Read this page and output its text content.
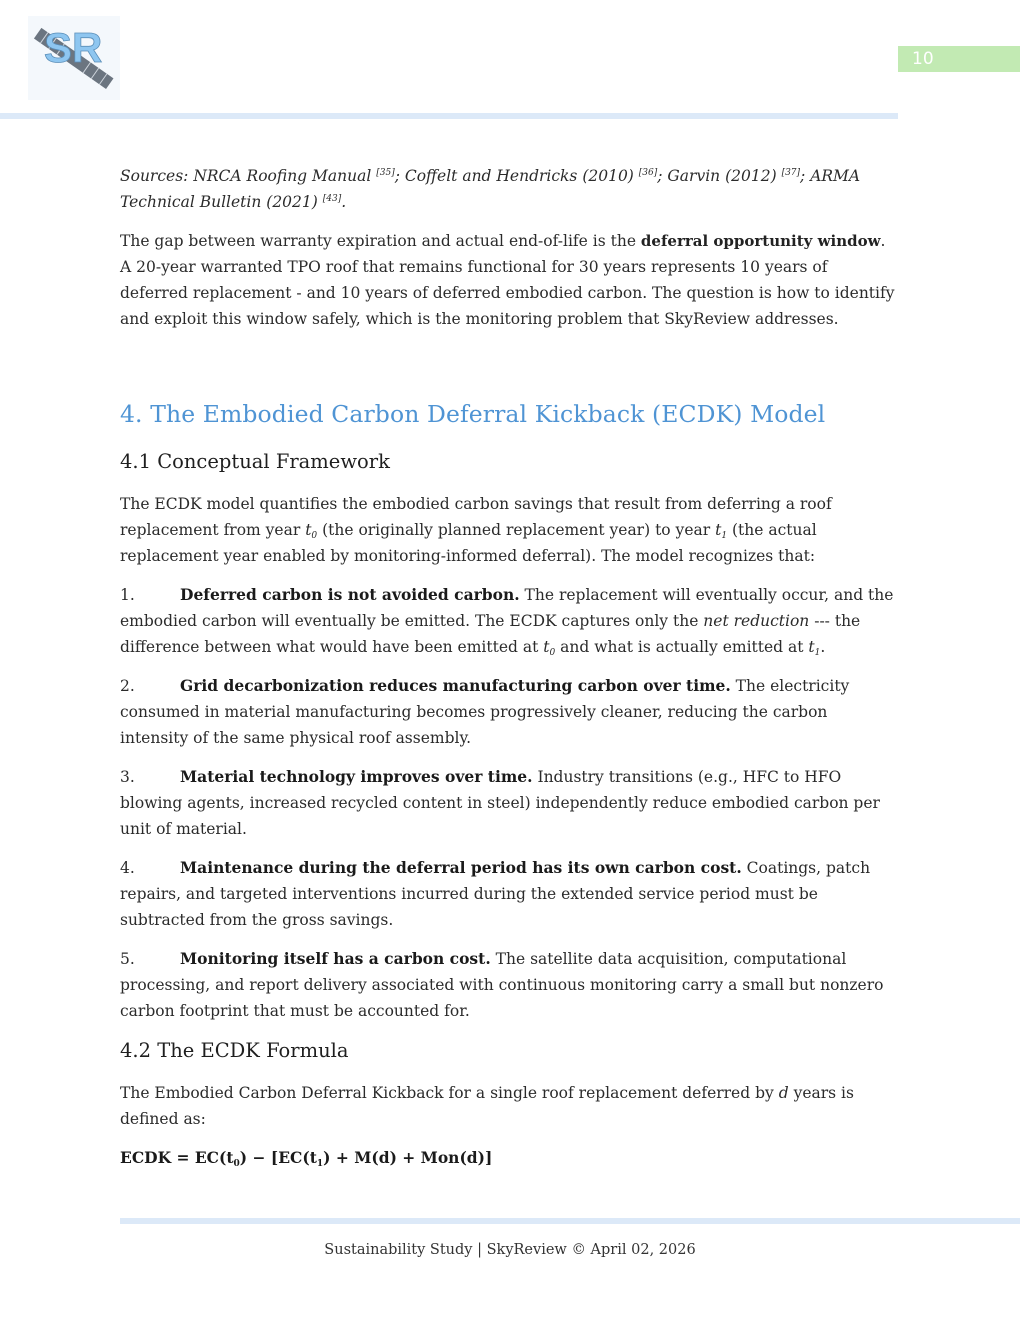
SR	10

Sources: NRCA Roofing Manual [35]; Coffelt and Hendricks (2010) [36]; Garvin (2012) [37]; ARMA Technical Bulletin (2021) [43].

The gap between warranty expiration and actual end-of-life is the deferral opportunity window. A 20-year warranted TPO roof that remains functional for 30 years represents 10 years of deferred replacement - and 10 years of deferred embodied carbon. The question is how to identify and exploit this window safely, which is the monitoring problem that SkyReview addresses.

4. The Embodied Carbon Deferral Kickback (ECDK) Model
4.1 Conceptual Framework

The ECDK model quantifies the embodied carbon savings that result from deferring a roof replacement from year $t_0$ (the originally planned replacement year) to year $t_1$ (the actual replacement year enabled by monitoring-informed deferral). The model recognizes that:

1.	Deferred carbon is not avoided carbon. The replacement will eventually occur, and the embodied carbon will eventually be emitted. The ECDK captures only the net reduction --- the difference between what would have been emitted at $t_0$ and what is actually emitted at $t_1$.

2.	Grid decarbonization reduces manufacturing carbon over time. The electricity consumed in material manufacturing becomes progressively cleaner, reducing the carbon intensity of the same physical roof assembly.

3.	Material technology improves over time. Industry transitions (e.g., HFC to HFO blowing agents, increased recycled content in steel) independently reduce embodied carbon per unit of material.

4.	Maintenance during the deferral period has its own carbon cost. Coatings, patch repairs, and targeted interventions incurred during the extended service period must be subtracted from the gross savings.

5.	Monitoring itself has a carbon cost. The satellite data acquisition, computational processing, and report delivery associated with continuous monitoring carry a small but nonzero carbon footprint that must be accounted for.

4.2 The ECDK Formula

The Embodied Carbon Deferral Kickback for a single roof replacement deferred by d years is defined as:

ECDK = $EC(t_0) - [EC(t_1) + M(d) + Mon(d)]$

Sustainability Study | SkyReview © April 02, 2026
